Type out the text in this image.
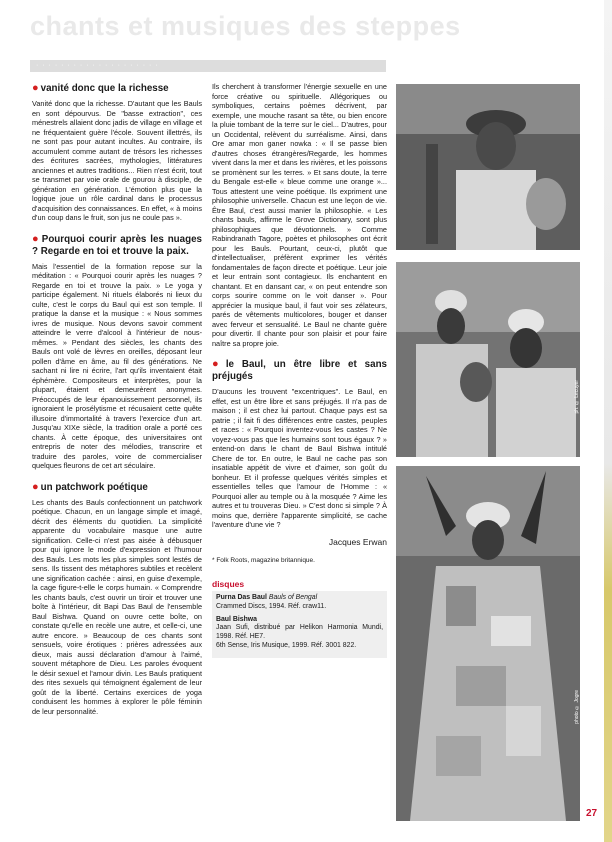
chants et musiques des steppes
· · · · · · · · · · · · · · · · · · · ·
● vanité donc que la richesse

Vanité donc que la richesse. D'autant que les Bauls en sont dépourvus. De "basse extraction", ces ménestrels allaient donc jadis de village en village et ne fréquentaient guère l'école. Souvent illettrés, ils ne sont pas pour autant incultes. Au contraire, ils accumulent comme autant de trésors les richesses des écritures sacrées, mythologies, littératures anciennes et autres traditions... Rien n'est écrit, tout se transmet par voie orale de gourou à disciple, de génération en génération. L'émotion plus que la logique joue un rôle cardinal dans le processus d'acquisition des connaissances. En effet, « à moins d'un coup dans le fruit, son jus ne coule pas ».

● Pourquoi courir après les nuages ? Regarde en toi et trouve la paix.

Mais l'essentiel de la formation repose sur la méditation : « Pourquoi courir après les nuages ? Regarde en toi et trouve la paix. » Le yoga y participe également. Ni rituels élaborés ni lieux du culte, c'est le corps du Baul qui est son temple. Il pratique la danse et la musique : « Nous sommes ivres de musique. Nous devons savoir comment atteindre le verre d'alcool à l'intérieur de nous-mêmes. » Pendant des siècles, les chants des Bauls ont volé de lèvres en oreilles, déposant leur pollen d'âme en âme, au fil des générations. Ne sachant ni lire ni écrire, l'art qu'ils inventaient était éphémère. Compositeurs et interprètes, pour la plupart, étaient et demeurèrent anonymes. Préoccupés de leur épanouissement personnel, ils ignoraient le prosélytisme et récusaient cette quête illusoire d'immortalité à travers l'exercice d'un art. Jusqu'au XIXe siècle, la tradition orale a porté ces chants. À cette époque, des universitaires ont entrepris de noter des mélodies, transcrire et traduire des paroles, voire de commercialiser quelques fleurons de cet art séculaire.

● un patchwork poétique

Les chants des Bauls confectionnent un patchwork poétique. Chacun, en un langage simple et imagé, décrit des éléments du quotidien. La simplicité apparente du vocabulaire masque une autre signification. Celle-ci n'est pas aisée à débusquer pour qui ignore le mode d'expression et l'humour des Bauls. Les mots les plus simples sont lestés de sens. Ils tissent des métaphores subtiles et recèlent une signification cachée : ainsi, en guise d'exemple, la cage figure-t-elle le corps humain. « Comprendre les chants bauls, c'est ouvrir un tiroir et trouver une boîte à l'intérieur, dit Bapi Das Baul de l'ensemble Baul Bishwa. Quand on ouvre cette boîte, on constate qu'elle en recèle une autre, et celle-ci, une autre encore. » Beaucoup de ces chants sont sensuels, voire érotiques : prières adressées aux dieux, mais aussi déclaration d'amour à l'aimé, souvent métaphore de Dieu. Les paroles évoquent le désir sexuel et l'amour divin. Les Bauls pratiquent des rites sexuels qui témoignent également de leur goût de la liberté. Certains exercices de yoga conduisent les hommes à explorer le pôle féminin de leur personnalité.

Ils cherchent à transformer l'énergie sexuelle en une force créative ou spirituelle. Allégoriques ou symboliques, certains poèmes décrivent, par exemple, une mouche rasant sa tête, ou bien encore la pluie tombant de la terre sur le ciel... D'autres, pour un Occidental, relèvent du surréalisme. Ainsi, dans Ore amar mon ganer nowka : « Il se passe bien d'autres choses étrangères/Regarde, les hommes vivent dans la mer et dans les rivières, et les poissons se promènent sur les terres. » Et sans doute, la terre du Bengale est-elle « bleue comme une orange »... Tous attestent une veine poétique. Ils expriment une philosophie universelle. Chacun est une leçon de vie. Être Baul, c'est aussi manier la philosophie. « Les chants bauls, affirme le Grove Dictionary, sont plus philosophiques que dévotionnels. » Comme Rabindranath Tagore, poètes et philosophes ont écrit pour les Bauls. Pourtant, ceux-ci, plutôt que d'intellectualiser, préfèrent exprimer les vérités fondamentales de façon directe et poétique. Leur joie et leur entrain sont contagieux. Ils enchantent en chantant. Et en dansant car, « on peut entendre son corps sourire comme on le voit danser ». Pour apprécier la musique baul, il faut voir ses zélateurs, parés de vêtements multicolores, bouger et danser avec ferveur et sensualité. Le Baul ne chante guère pour divertir. Il chante pour son plaisir et pour faire naître sa propre joie.

● le Baul, un être libre et sans préjugés

D'aucuns les trouvent "excentriques". Le Baul, en effet, est un être libre et sans préjugés. Il n'a pas de maison ; il est chez lui partout. Chaque pays est sa patrie ; il fait fi des différences entre castes, peuples et races : « Pourquoi inventez-vous les castes ? Ne voyez-vous pas que les humains sont tous égaux ? » entend-on dans le chant de Baul Bishwa intitulé Chere de tor. En outre, le Baul ne cache pas son insatiable appétit de vivre et d'aimer, son goût du bonheur. Et il professe quelques vérités simples et essentielles telles que l'amour de l'Homme : « Pourquoi aller au temple ou à la mosquée ? Aime les autres et tu trouveras Dieu. » C'est donc si simple ? À moins que, derrière l'apparente simplicité, se cache l'aventure d'une vie ?

Jacques Erwan
* Folk Roots, magazine britannique.
disques
Purna Das Baul Bauls of Bengal
Crammed Discs, 1994. Réf. craw11.
Baul Bishwa
Jaan Sufi, distribué par Helikon Harmonia Mundi, 1998. Réf. HE7.
6th Sense, Iris Musique, 1999. Réf. 3001 822.
ph. © Lecuyer
photo © Jogre
27
